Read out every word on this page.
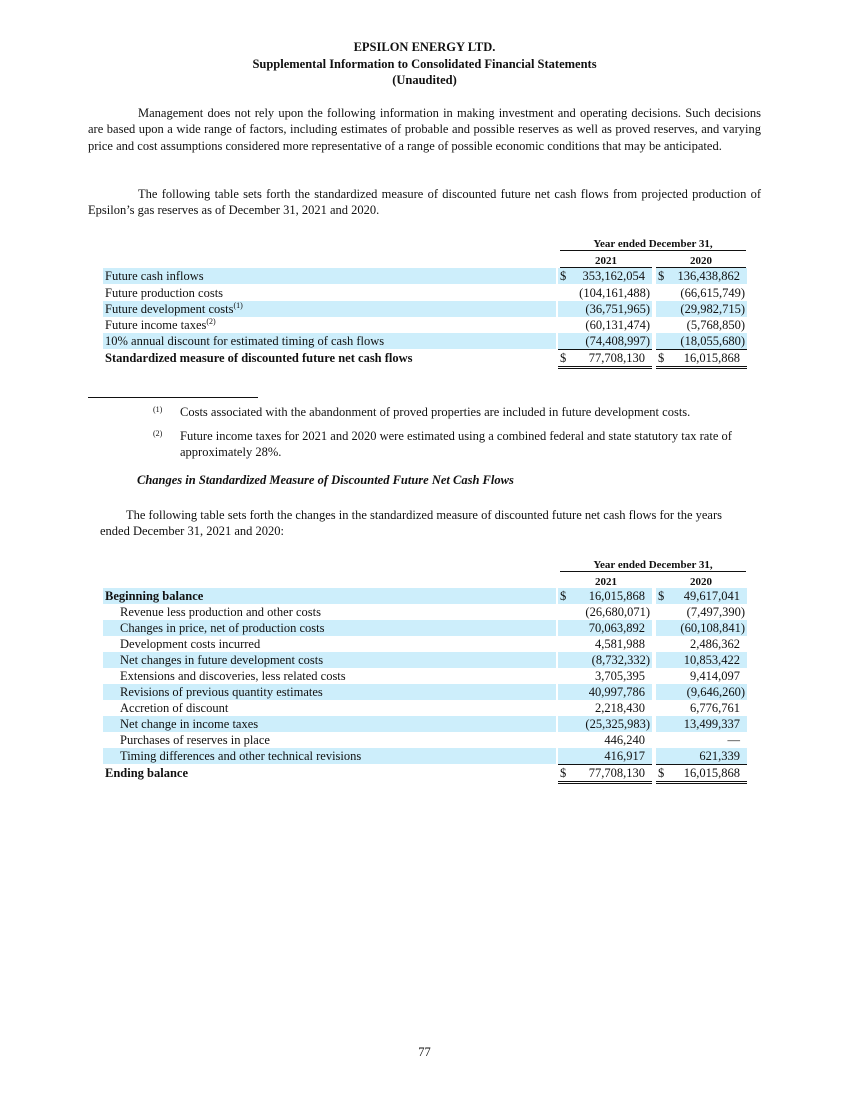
EPSILON ENERGY LTD.
Supplemental Information to Consolidated Financial Statements
(Unaudited)

Management does not rely upon the following information in making investment and operating decisions. Such decisions are based upon a wide range of factors, including estimates of probable and possible reserves as well as proved reserves, and varying price and cost assumptions considered more representative of a range of possible economic conditions that may be anticipated.

The following table sets forth the standardized measure of discounted future net cash flows from projected production of Epsilon’s gas reserves as of December 31, 2021 and 2020.

Year ended December 31,
2021	2020
Future cash inflows	$ 353,162,054 $ 136,438,862
Future production costs	(104,161,488) (66,615,749)
Future development costs$^{(1)}$	(36,751,965) (29,982,715)
Future income taxes$^{(2)}$	(60,131,474)	(5,768,850)
10% annual discount for estimated timing of cash flows	(74,408,997) (18,055,680)
Standardized measure of discounted future net cash flows	$ 77,708,130 $ 16,015,868
(1) Costs associated with the abandonment of proved properties are included in future development costs.
(2) Future income taxes for 2021 and 2020 were estimated using a combined federal and state statutory tax rate of approximately 28%.
Changes in Standardized Measure of Discounted Future Net Cash Flows

The following table sets forth the changes in the standardized measure of discounted future net cash flows for the years ended December 31, 2021 and 2020:

Year ended December 31,
2021	2020
Beginning balance	$ 16,015,868 $ 49,617,041
Revenue less production and other costs	(26,680,071)	(7,497,390)
Changes in price, net of production costs	70,063,892	(60,108,841)
Development costs incurred	4,581,988	2,486,362
Net changes in future development costs	(8,732,332)	10,853,422
Extensions and discoveries, less related costs	3,705,395	9,414,097
Revisions of previous quantity estimates	40,997,786	(9,646,260)
Accretion of discount	2,218,430	6,776,761
Net change in income taxes	(25,325,983)	13,499,337
Purchases of reserves in place	446,240	—
Timing differences and other technical revisions	416,917	621,339
Ending balance	$ 77,708,130 $ 16,015,868
77
